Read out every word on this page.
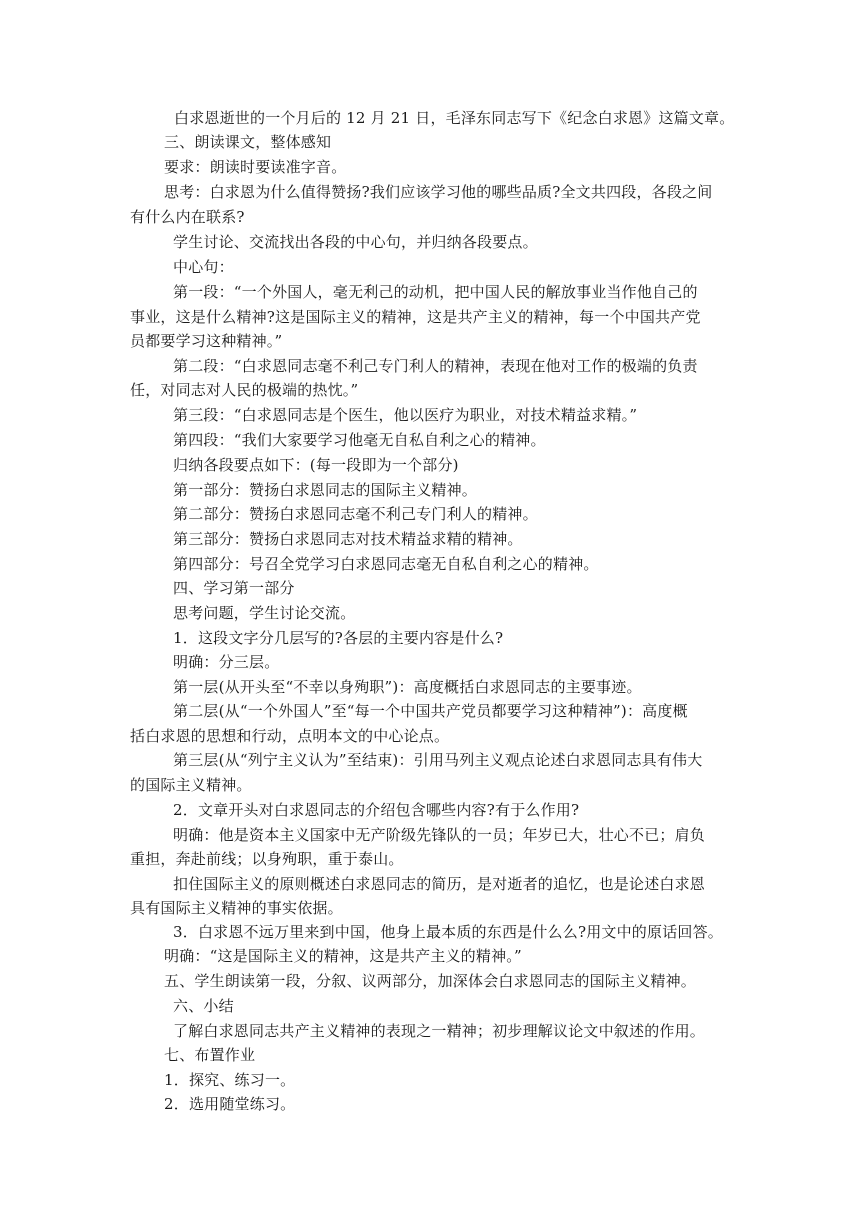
白求恩逝世的一个月后的 12 月 21 日，毛泽东同志写下《纪念白求恩》这篇文章。
三、朗读课文，整体感知
要求：朗读时要读准字音。
思考：白求恩为什么值得赞扬?我们应该学习他的哪些品质?全文共四段，各段之间
有什么内在联系?
学生讨论、交流找出各段的中心句，并归纳各段要点。
中心句：
第一段：“一个外国人，毫无利己的动机，把中国人民的解放事业当作他自己的
事业，这是什么精神?这是国际主义的精神，这是共产主义的精神，每一个中国共产党
员都要学习这种精神。”
第二段：“白求恩同志毫不利己专门利人的精神，表现在他对工作的极端的负责
任，对同志对人民的极端的热忱。”
第三段：“白求恩同志是个医生，他以医疗为职业，对技术精益求精。”
第四段：“我们大家要学习他毫无自私自利之心的精神。
归纳各段要点如下：(每一段即为一个部分)
第一部分：赞扬白求恩同志的国际主义精神。
第二部分：赞扬白求恩同志毫不利己专门利人的精神。
第三部分：赞扬白求恩同志对技术精益求精的精神。
第四部分：号召全党学习白求恩同志毫无自私自利之心的精神。
四、学习第一部分
思考问题，学生讨论交流。
1．这段文字分几层写的?各层的主要内容是什么?
明确：分三层。
第一层(从开头至“不幸以身殉职”)：高度概括白求恩同志的主要事迹。
第二层(从“一个外国人”至“每一个中国共产党员都要学习这种精神”)：高度概
括白求恩的思想和行动，点明本文的中心论点。
第三层(从“列宁主义认为”至结束)：引用马列主义观点论述白求恩同志具有伟大
的国际主义精神。
2．文章开头对白求恩同志的介绍包含哪些内容?有于么作用?
明确：他是资本主义国家中无产阶级先锋队的一员；年岁已大，壮心不已；肩负
重担，奔赴前线；以身殉职，重于泰山。
扣住国际主义的原则概述白求恩同志的简历，是对逝者的追忆，也是论述白求恩
具有国际主义精神的事实依据。
3．白求恩不远万里来到中国，他身上最本质的东西是什么么?用文中的原话回答。
明确：“这是国际主义的精神，这是共产主义的精神。”
五、学生朗读第一段，分叙、议两部分，加深体会白求恩同志的国际主义精神。
六、小结
了解白求恩同志共产主义精神的表现之一精神；初步理解议论文中叙述的作用。
七、布置作业
1．探究、练习一。
2．选用随堂练习。
